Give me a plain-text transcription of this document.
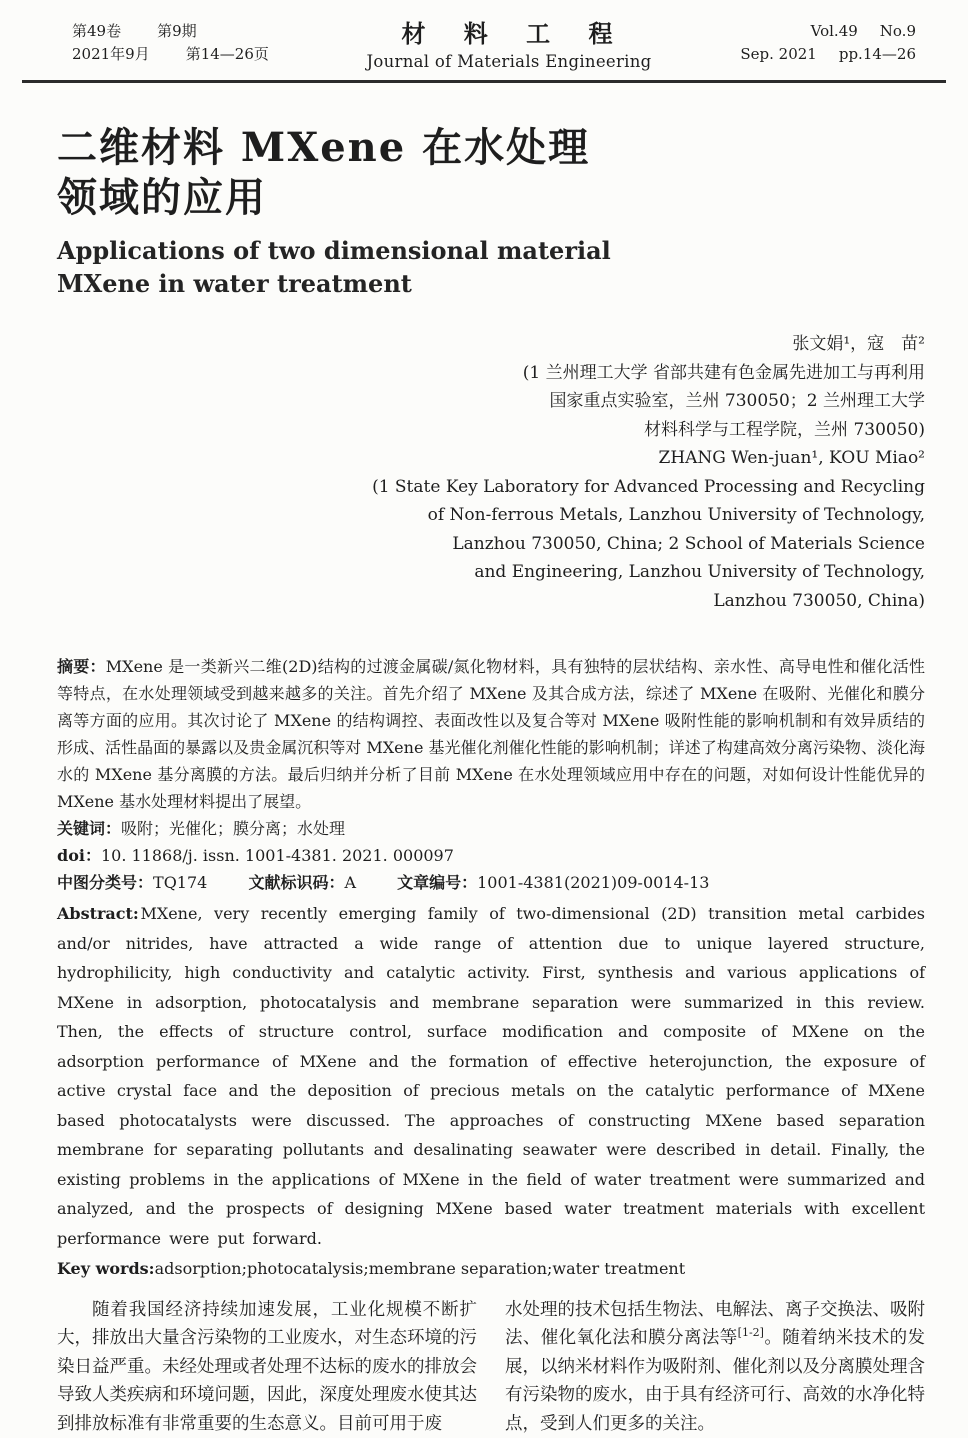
第49卷 第9期
2021年9月 第14—26页
材 料 工 程
Journal of Materials Engineering
Vol.49 No.9
Sep. 2021 pp.14—26
二维材料 MXene 在水处理
领域的应用
Applications of two dimensional material
MXene in water treatment
张文娟¹，寇　苗²
(1 兰州理工大学 省部共建有色金属先进加工与再利用
国家重点实验室，兰州 730050；2 兰州理工大学
材料科学与工程学院，兰州 730050)
ZHANG Wen-juan¹, KOU Miao²
(1 State Key Laboratory for Advanced Processing and Recycling
of Non-ferrous Metals, Lanzhou University of Technology,
Lanzhou 730050, China; 2 School of Materials Science
and Engineering, Lanzhou University of Technology,
Lanzhou 730050, China)

摘要：MXene 是一类新兴二维(2D)结构的过渡金属碳/氮化物材料，具有独特的层状结构、亲水性、高导电性和催化活性等特点，在水处理领域受到越来越多的关注。首先介绍了 MXene 及其合成方法，综述了 MXene 在吸附、光催化和膜分离等方面的应用。其次讨论了 MXene 的结构调控、表面改性以及复合等对 MXene 吸附性能的影响机制和有效异质结的形成、活性晶面的暴露以及贵金属沉积等对 MXene 基光催化剂催化性能的影响机制；详述了构建高效分离污染物、淡化海水的 MXene 基分离膜的方法。最后归纳并分析了目前 MXene 在水处理领域应用中存在的问题，对如何设计性能优异的 MXene 基水处理材料提出了展望。

关键词：吸附；光催化；膜分离；水处理

doi：10. 11868/j. issn. 1001-4381. 2021. 000097

中图分类号：TQ174	文献标识码：A	文章编号：1001-4381(2021)09-0014-13

Abstract: MXene, very recently emerging family of two-dimensional (2D) transition metal carbides and/or nitrides, have attracted a wide range of attention due to unique layered structure, hydrophilicity, high conductivity and catalytic activity. First, synthesis and various applications of MXene in adsorption, photocatalysis and membrane separation were summarized in this review. Then, the effects of structure control, surface modification and composite of MXene on the adsorption performance of MXene and the formation of effective heterojunction, the exposure of active crystal face and the deposition of precious metals on the catalytic performance of MXene based photocatalysts were discussed. The approaches of constructing MXene based separation membrane for separating pollutants and desalinating seawater were described in detail. Finally, the existing problems in the applications of MXene in the field of water treatment were summarized and analyzed, and the prospects of designing MXene based water treatment materials with excellent performance were put forward.

Key words:adsorption;photocatalysis;membrane separation;water treatment

随着我国经济持续加速发展，工业化规模不断扩大，排放出大量含污染物的工业废水，对生态环境的污染日益严重。未经处理或者处理不达标的废水的排放会导致人类疾病和环境问题，因此，深度处理废水使其达到排放标准有非常重要的生态意义。目前可用于废

水处理的技术包括生物法、电解法、离子交换法、吸附法、催化氧化法和膜分离法等[1-2]。随着纳米技术的发展，以纳米材料作为吸附剂、催化剂以及分离膜处理含有污染物的废水，由于具有经济可行、高效的水净化特点，受到人们更多的关注。
